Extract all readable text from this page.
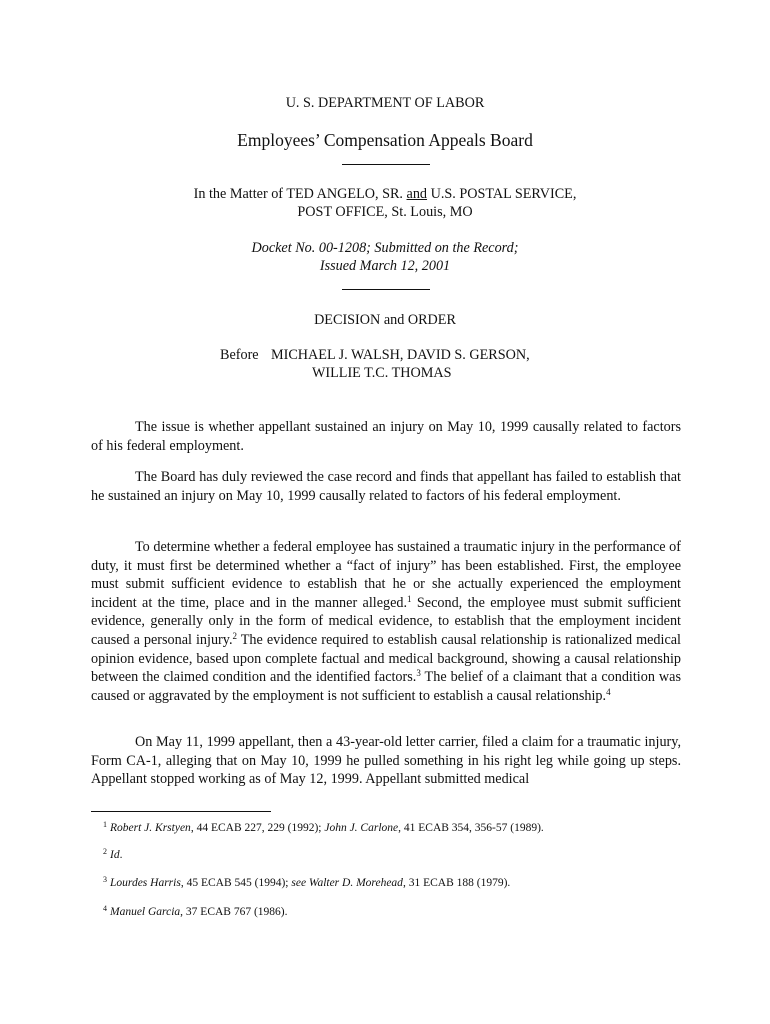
U. S. DEPARTMENT OF LABOR
Employees’ Compensation Appeals Board
In the Matter of TED ANGELO, SR. and U.S. POSTAL SERVICE,
POST OFFICE, St. Louis, MO
Docket No. 00-1208; Submitted on the Record;
Issued March 12, 2001
DECISION and ORDER
Before MICHAEL J. WALSH, DAVID S. GERSON,
WILLIE T.C. THOMAS
The issue is whether appellant sustained an injury on May 10, 1999 causally related to factors of his federal employment.
The Board has duly reviewed the case record and finds that appellant has failed to establish that he sustained an injury on May 10, 1999 causally related to factors of his federal employment.
To determine whether a federal employee has sustained a traumatic injury in the performance of duty, it must first be determined whether a “fact of injury” has been established. First, the employee must submit sufficient evidence to establish that he or she actually experienced the employment incident at the time, place and in the manner alleged.$^1$ Second, the employee must submit sufficient evidence, generally only in the form of medical evidence, to establish that the employment incident caused a personal injury.$^2$ The evidence required to establish causal relationship is rationalized medical opinion evidence, based upon complete factual and medical background, showing a causal relationship between the claimed condition and the identified factors.$^3$ The belief of a claimant that a condition was caused or aggravated by the employment is not sufficient to establish a causal relationship.$^4$
On May 11, 1999 appellant, then a 43-year-old letter carrier, filed a claim for a traumatic injury, Form CA-1, alleging that on May 10, 1999 he pulled something in his right leg while going up steps. Appellant stopped working as of May 12, 1999. Appellant submitted medical
$^1$ Robert J. Krstyen, 44 ECAB 227, 229 (1992); John J. Carlone, 41 ECAB 354, 356-57 (1989).
$^2$ Id.
$^3$ Lourdes Harris, 45 ECAB 545 (1994); see Walter D. Morehead, 31 ECAB 188 (1979).
$^4$ Manuel Garcia, 37 ECAB 767 (1986).
